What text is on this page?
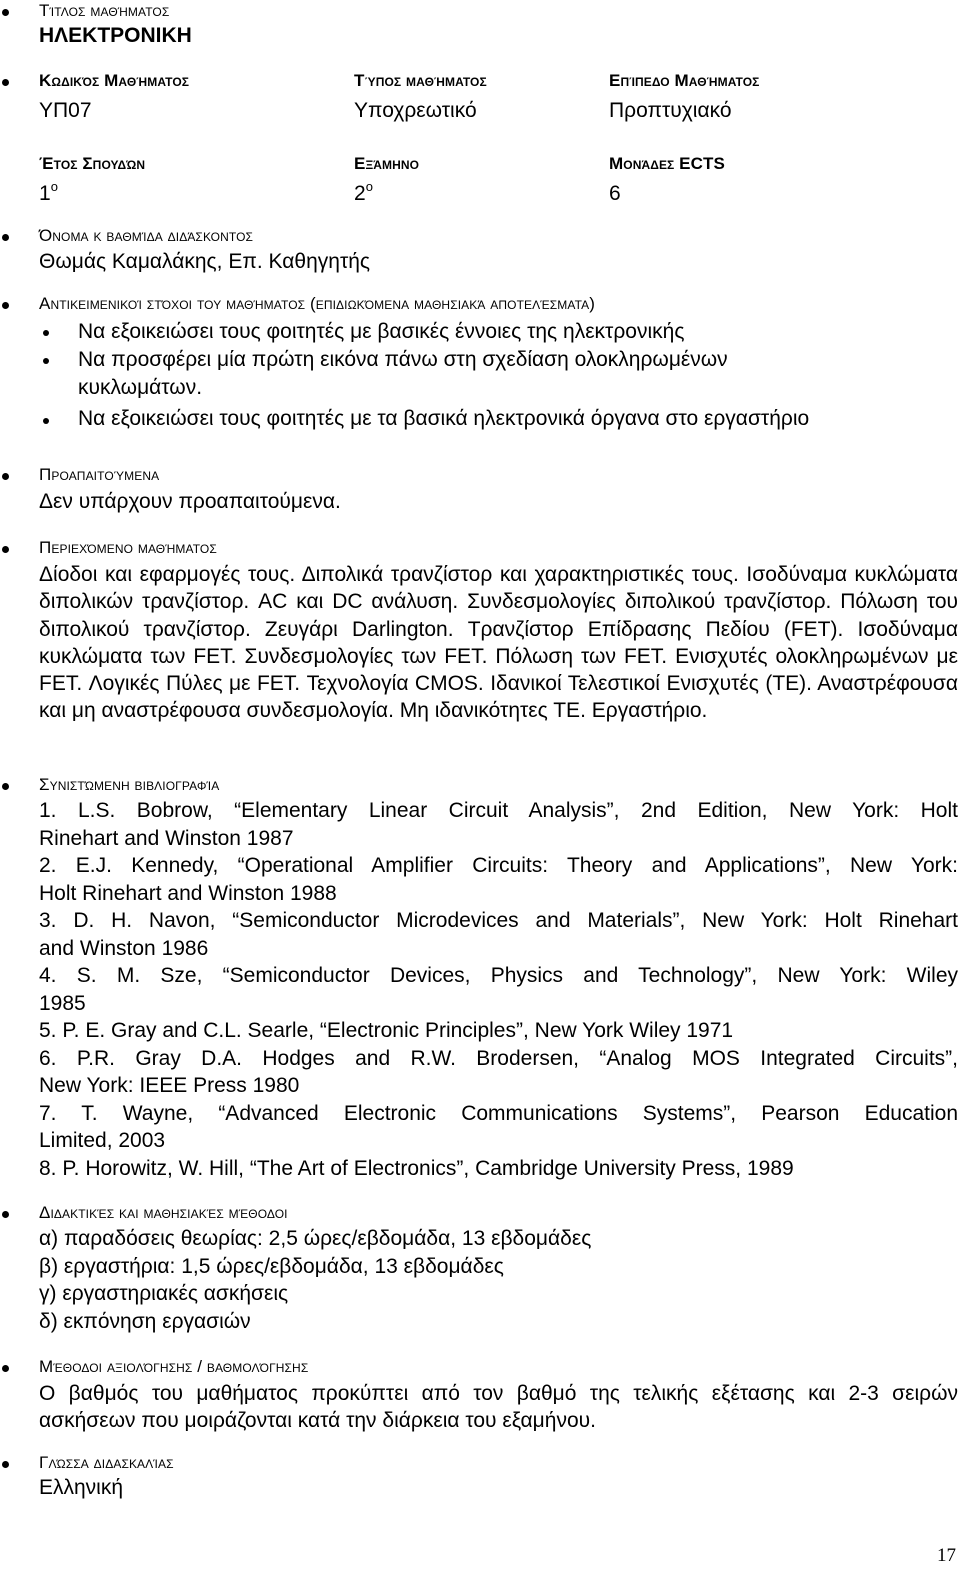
Τίτλος μαθήματος
ΗΛΕΚΤΡΟΝΙΚΗ
Κωδικός Μαθήματος
ΥΠ07
Τύπος μαθήματος
Υποχρεωτικό
Επίπεδο Μαθήματος
Προπτυχιακό
Έτος Σπουδών
$1^o$
Εξάμηνο
$2^o$
Μονάδες ECTS
6
Όνομα κ βαθμίδα διδάσκοντος
Θωμάς Καμαλάκης, Επ. Καθηγητής
Αντικειμενικοί στόχοι του μαθήματος (επιδιωκόμενα μαθησιακά αποτελέσματα)
Να εξοικειώσει τους φοιτητές με βασικές έννοιες της ηλεκτρονικής
Να προσφέρει μία πρώτη εικόνα πάνω στη σχεδίαση ολοκληρωμένων
κυκλωμάτων.
Να εξοικειώσει τους φοιτητές με τα βασικά ηλεκτρονικά όργανα στο εργαστήριο
Προαπαιτούμενα
Δεν υπάρχουν προαπαιτούμενα.
Περιεχόμενο μαθήματος
Δίοδοι και εφαρμογές τους. Διπολικά τρανζίστορ και χαρακτηριστικές τους. Ισοδύναμα κυκλώματα διπολικών τρανζίστορ. AC και DC ανάλυση. Συνδεσμολογίες διπολικού τρανζίστορ. Πόλωση του διπολικού τρανζίστορ. Ζευγάρι Darlington. Τρανζίστορ Επίδρασης Πεδίου (FET). Ισοδύναμα κυκλώματα των FET. Συνδεσμολογίες των FET. Πόλωση των FET. Ενισχυτές ολοκληρωμένων με FET. Λογικές Πύλες με FET. Τεχνολογία CMOS. Ιδανικοί Τελεστικοί Ενισχυτές (ΤΕ). Αναστρέφουσα και μη αναστρέφουσα συνδεσμολογία. Μη ιδανικότητες ΤΕ. Εργαστήριο.
Συνιστώμενη βιβλιογραφία
1. L.S. Bobrow, “Elementary Linear Circuit Analysis”, 2nd Edition, New York: Holt
Rinehart and Winston 1987
2. E.J. Kennedy, “Operational Amplifier Circuits: Theory and Applications”, New York:
Holt Rinehart and Winston 1988
3. D. H. Navon, “Semiconductor Microdevices and Materials”, New York: Holt Rinehart
and Winston 1986
4. S. M. Sze, “Semiconductor Devices, Physics and Technology”, New York: Wiley
1985
5. P. E. Gray and C.L. Searle, “Electronic Principles”, New York Wiley 1971
6. P.R. Gray D.A. Hodges and R.W. Brodersen, “Analog MOS Integrated Circuits”,
New York: IEEE Press 1980
7. T. Wayne, “Advanced Electronic Communications Systems”, Pearson Education
Limited, 2003
8. P. Horowitz, W. Hill, “The Art of Electronics”, Cambridge University Press, 1989
Διδακτικές και μαθησιακές μέθοδοι
α) παραδόσεις θεωρίας: 2,5 ώρες/εβδομάδα, 13 εβδομάδες
β) εργαστήρια: 1,5 ώρες/εβδομάδα, 13 εβδομάδες
γ) εργαστηριακές ασκήσεις
δ) εκπόνηση εργασιών
Μέθοδοι αξιολόγησης / βαθμολόγησης
Ο βαθμός του μαθήματος προκύπτει από τον βαθμό της τελικής εξέτασης και 2-3 σειρών ασκήσεων που μοιράζονται κατά την διάρκεια του εξαμήνου.
Γλώσσα διδασκαλίας
Ελληνική
17
